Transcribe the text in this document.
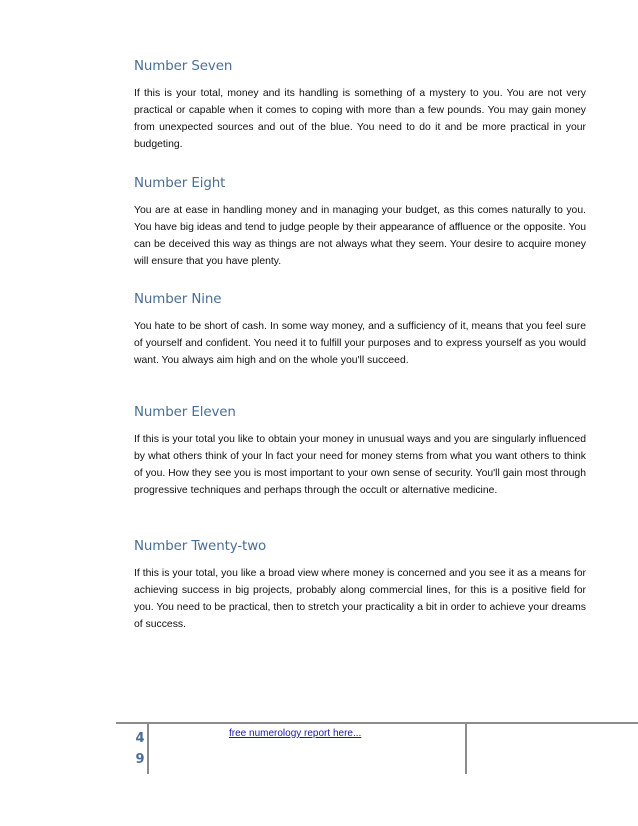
Number Seven

If this is your total, money and its handling is something of a mystery to you. You are not very practical or capable when it comes to coping with more than a few pounds. You may gain money from unexpected sources and out of the blue. You need to do it and be more practical in your budgeting.

Number Eight

You are at ease in handling money and in managing your budget, as this comes naturally to you. You have big ideas and tend to judge people by their appearance of affluence or the opposite. You can be deceived this way as things are not always what they seem. Your desire to acquire money will ensure that you have plenty.

Number Nine

You hate to be short of cash. In some way money, and a sufficiency of it, means that you feel sure of yourself and confident. You need it to fulfill your purposes and to express yourself as you would want. You always aim high and on the whole you'll succeed.

Number Eleven

If this is your total you like to obtain your money in unusual ways and you are singularly influenced by what others think of your ln fact your need for money stems from what you want others to think of you. How they see you is most important to your own sense of security. You'll gain most through progressive techniques and perhaps through the occult or alternative medicine.

Number Twenty-two

If this is your total, you like a broad view where money is concerned and you see it as a means for achieving success in big projects, probably along commercial lines, for this is a positive field for you. You need to be practical, then to stretch your practicality a bit in order to achieve your dreams of success.

4
9
free numerology report here...
